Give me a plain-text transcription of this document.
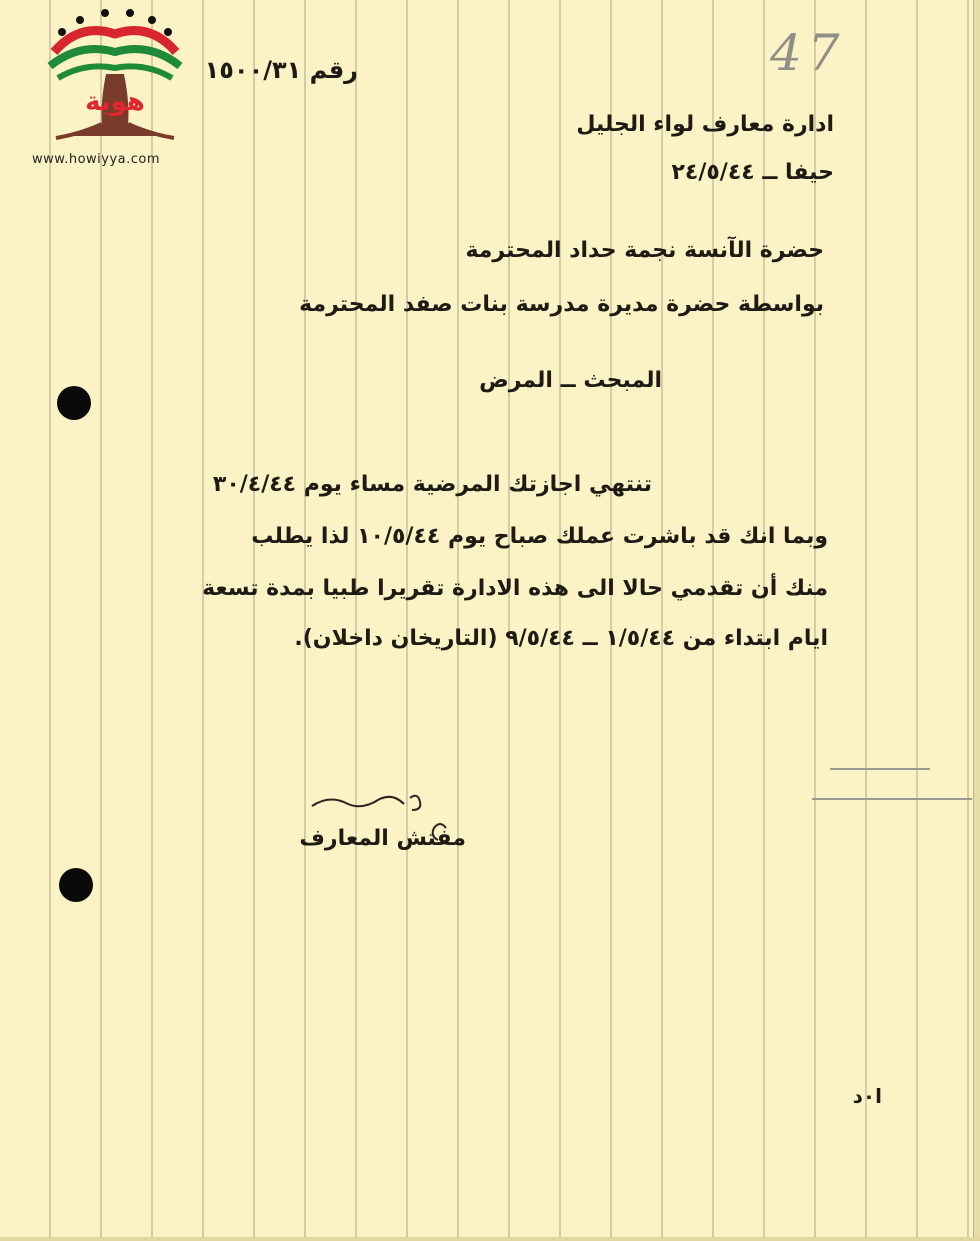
هوية
www.howiyya.com
47
رقم ١٥٠٠/٣١
ادارة معارف لواء الجليل
حيفا ــ ٢٤/٥/٤٤
حضرة الآنسة نجمة حداد المحترمة
بواسطة حضرة مديرة مدرسة بنات صفد المحترمة
المبحث ــ المرض
تنتهي اجازتك المرضية مساء يوم ٣٠/٤/٤٤
وبما انك قد باشرت عملك صباح يوم ١٠/٥/٤٤ لذا يطلب
منك أن تقدمي حالا الى هذه الادارة تقريرا طبيا بمدة تسعة
ايام ابتداء من ١/٥/٤٤ ــ ٩/٥/٤٤ (التاريخان داخلان).
مفتش المعارف
ا٠د
